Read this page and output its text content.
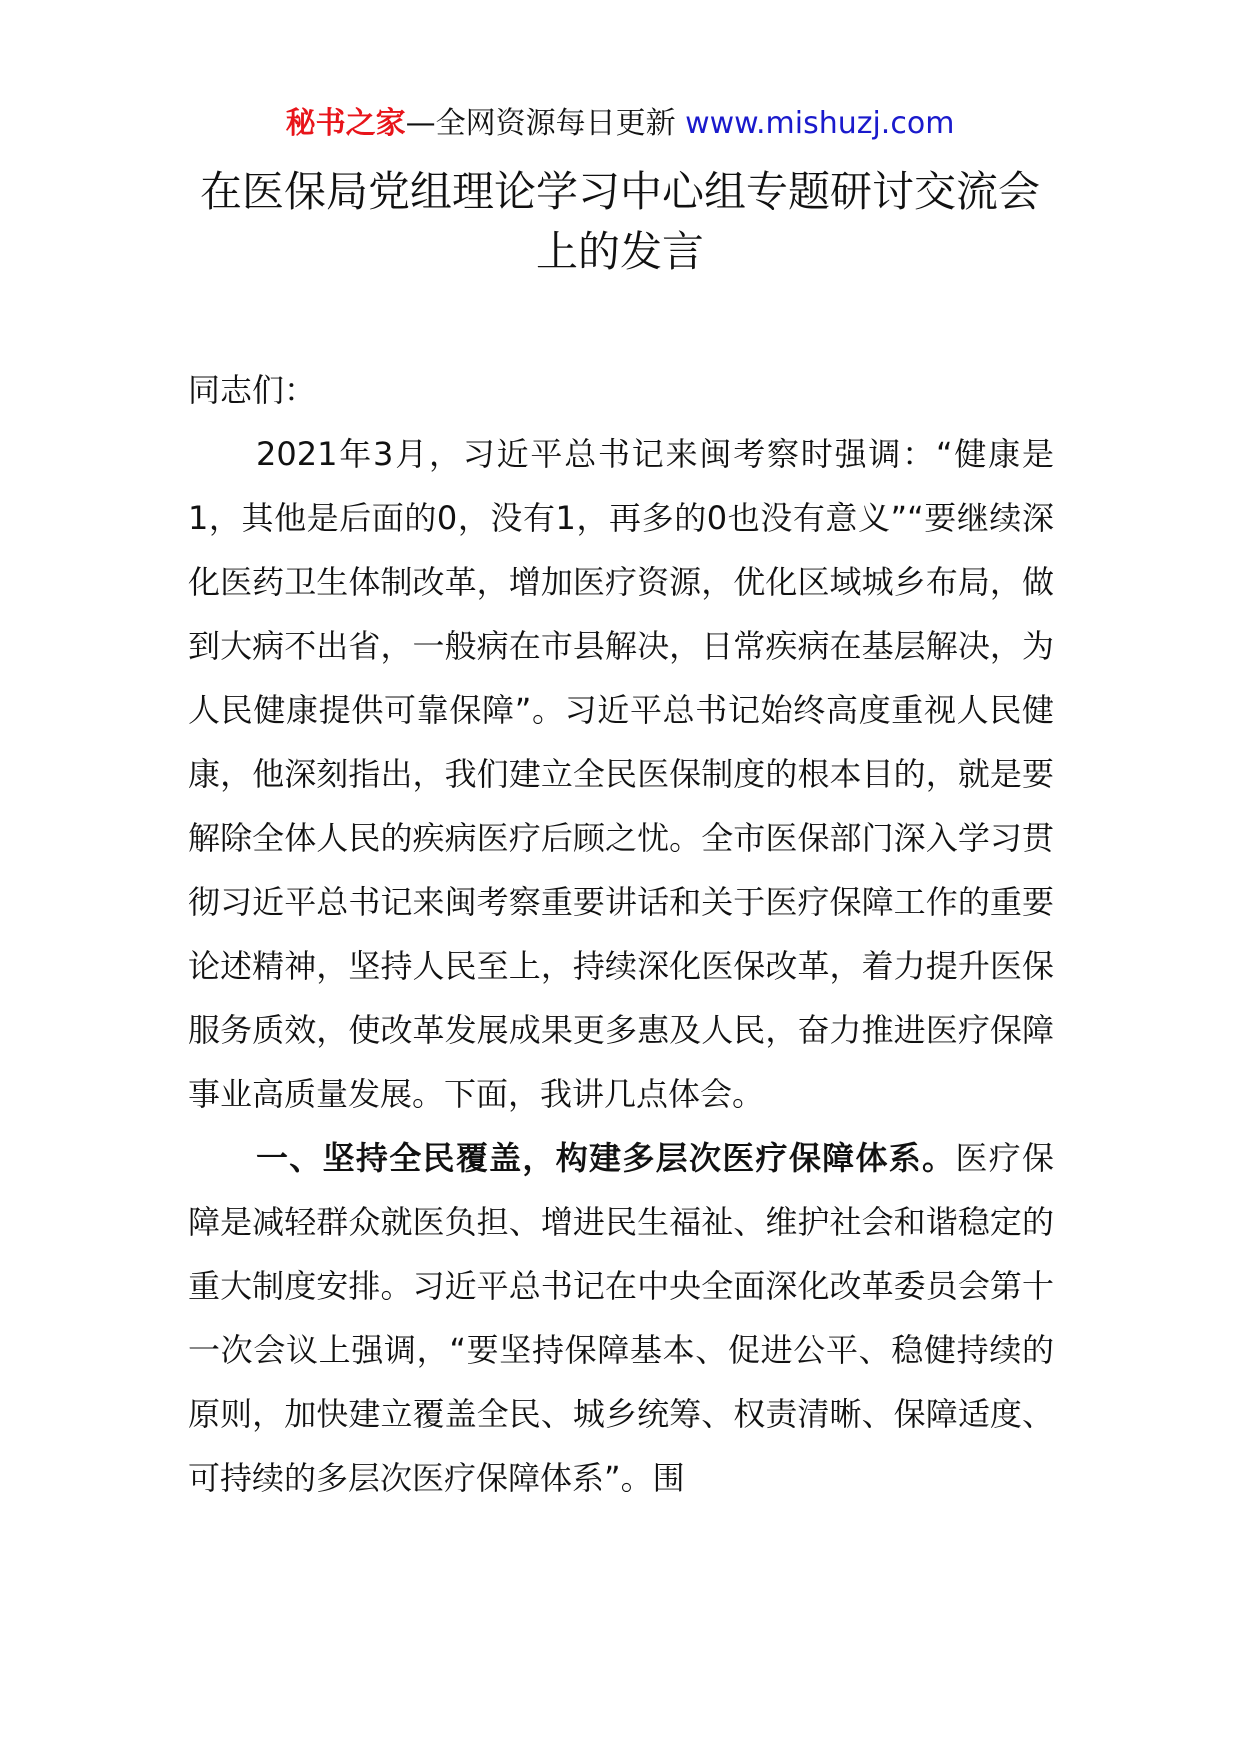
秘书之家—全网资源每日更新 www.mishuzj.com
在医保局党组理论学习中心组专题研讨交流会
上的发言

同志们：

2021年3月，习近平总书记来闽考察时强调：“健康是1，其他是后面的0，没有1，再多的0也没有意义”“要继续深化医药卫生体制改革，增加医疗资源，优化区域城乡布局，做到大病不出省，一般病在市县解决，日常疾病在基层解决，为人民健康提供可靠保障”。习近平总书记始终高度重视人民健康，他深刻指出，我们建立全民医保制度的根本目的，就是要解除全体人民的疾病医疗后顾之忧。全市医保部门深入学习贯彻习近平总书记来闽考察重要讲话和关于医疗保障工作的重要论述精神，坚持人民至上，持续深化医保改革，着力提升医保服务质效，使改革发展成果更多惠及人民，奋力推进医疗保障事业高质量发展。下面，我讲几点体会。

一、坚持全民覆盖，构建多层次医疗保障体系。医疗保障是减轻群众就医负担、增进民生福祉、维护社会和谐稳定的重大制度安排。习近平总书记在中央全面深化改革委员会第十一次会议上强调，“要坚持保障基本、促进公平、稳健持续的原则，加快建立覆盖全民、城乡统筹、权责清晰、保障适度、可持续的多层次医疗保障体系”。围
